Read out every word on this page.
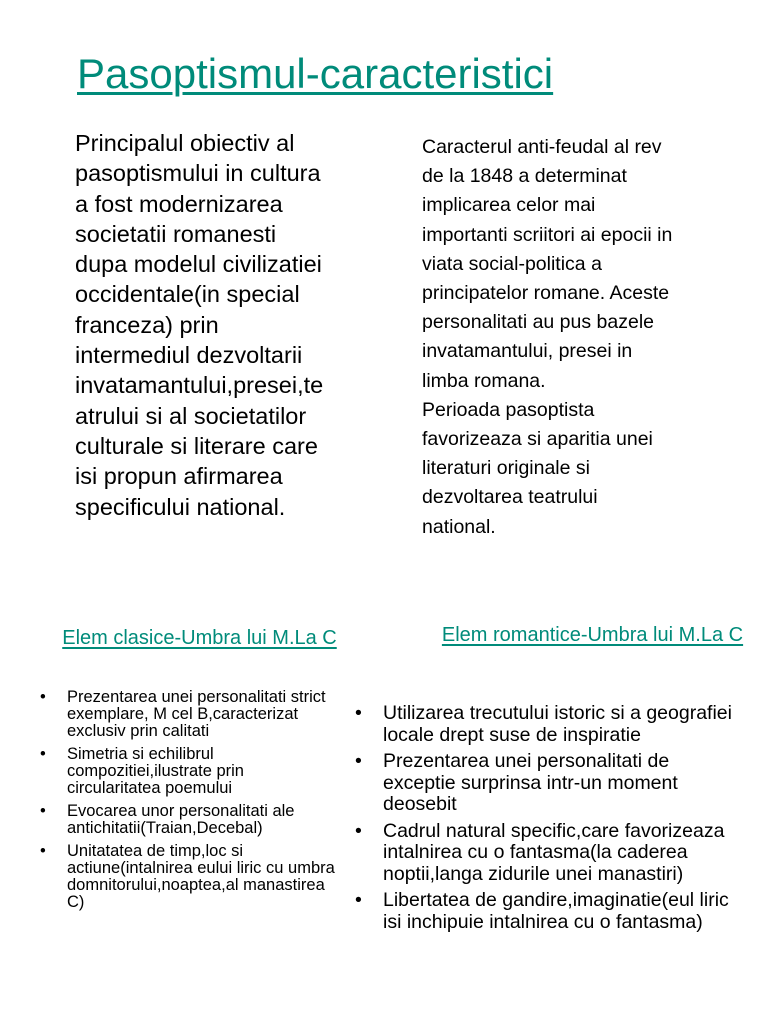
Pasoptismul-caracteristici
Principalul obiectiv al
pasoptismului in cultura
a fost modernizarea
societatii romanesti
dupa modelul civilizatiei
occidentale(in special
franceza) prin
intermediul dezvoltarii
invatamantului,presei,te
atrului si al societatilor
culturale si literare care
isi propun afirmarea
specificului national.
Caracterul anti-feudal al rev
de la 1848 a determinat
implicarea celor mai
importanti scriitori ai epocii in
viata social-politica a
principatelor romane. Aceste
personalitati au pus bazele
invatamantului, presei in
limba romana.
Perioada pasoptista
favorizeaza si aparitia unei
literaturi originale si
dezvoltarea teatrului
national.
Elem clasice-Umbra lui M.La C	Elem romantice-Umbra lui M.La C
• Prezentarea unei personalitati strict exemplare, M cel B,caracterizat exclusiv prin calitati
• Simetria si echilibrul compozitiei,ilustrate prin circularitatea poemului
• Evocarea unor personalitati ale antichitatii(Traian,Decebal)
• Unitatatea de timp,loc si actiune(intalnirea eului liric cu umbra domnitorului,noaptea,al manastirea C)
• Utilizarea trecutului istoric si a geografiei locale drept suse de inspiratie
• Prezentarea unei personalitati de exceptie surprinsa intr-un moment deosebit
• Cadrul natural specific,care favorizeaza intalnirea cu o fantasma(la caderea noptii,langa zidurile unei manastiri)
• Libertatea de gandire,imaginatie(eul liric isi inchipuie intalnirea cu o fantasma)
